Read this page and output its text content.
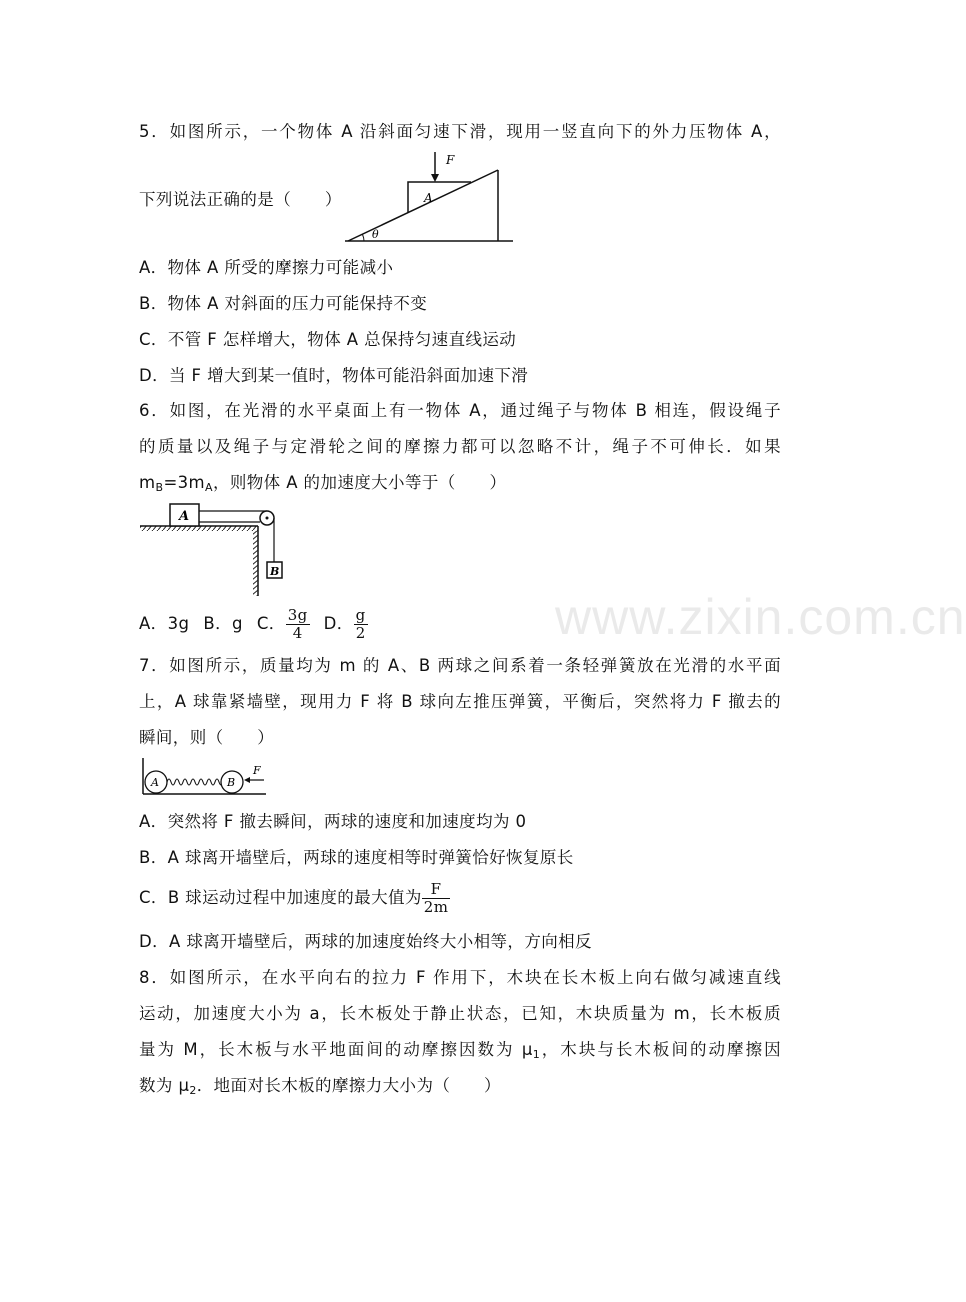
5．如图所示，一个物体 A 沿斜面匀速下滑，现用一竖直向下的外力压物体 A，
下列说法正确的是（　　）
F
A
θ
A．物体 A 所受的摩擦力可能减小
B．物体 A 对斜面的压力可能保持不变
C．不管 F 怎样增大，物体 A 总保持匀速直线运动
D．当 F 增大到某一值时，物体可能沿斜面加速下滑
6．如图，在光滑的水平桌面上有一物体 A，通过绳子与物体 B 相连，假设绳子
的质量以及绳子与定滑轮之间的摩擦力都可以忽略不计，绳子不可伸长．如果
$m_B=3m_A$，则物体 A 的加速度大小等于（　　）
A
B
A．3g B．g C． $\frac{3g}{4}$ D． $\frac{g}{2}$	www.zixin.com.cn
7．如图所示，质量均为 m 的 A、B 两球之间系着一条轻弹簧放在光滑的水平面
上，A 球靠紧墙壁，现用力 F 将 B 球向左推压弹簧，平衡后，突然将力 F 撤去的
瞬间，则（　　）
A	B
F
A．突然将 F 撤去瞬间，两球的速度和加速度均为 0
B．A 球离开墙壁后，两球的速度相等时弹簧恰好恢复原长
C．B 球运动过程中加速度的最大值为 $\frac{F}{2m}$
D．A 球离开墙壁后，两球的加速度始终大小相等，方向相反
8．如图所示，在水平向右的拉力 F 作用下，木块在长木板上向右做匀减速直线
运动，加速度大小为 a，长木板处于静止状态，已知，木块质量为 m，长木板质
量为 M，长木板与水平地面间的动摩擦因数为 $\mu_1$，木块与长木板间的动摩擦因
数为 $\mu_2$．地面对长木板的摩擦力大小为（　　）
